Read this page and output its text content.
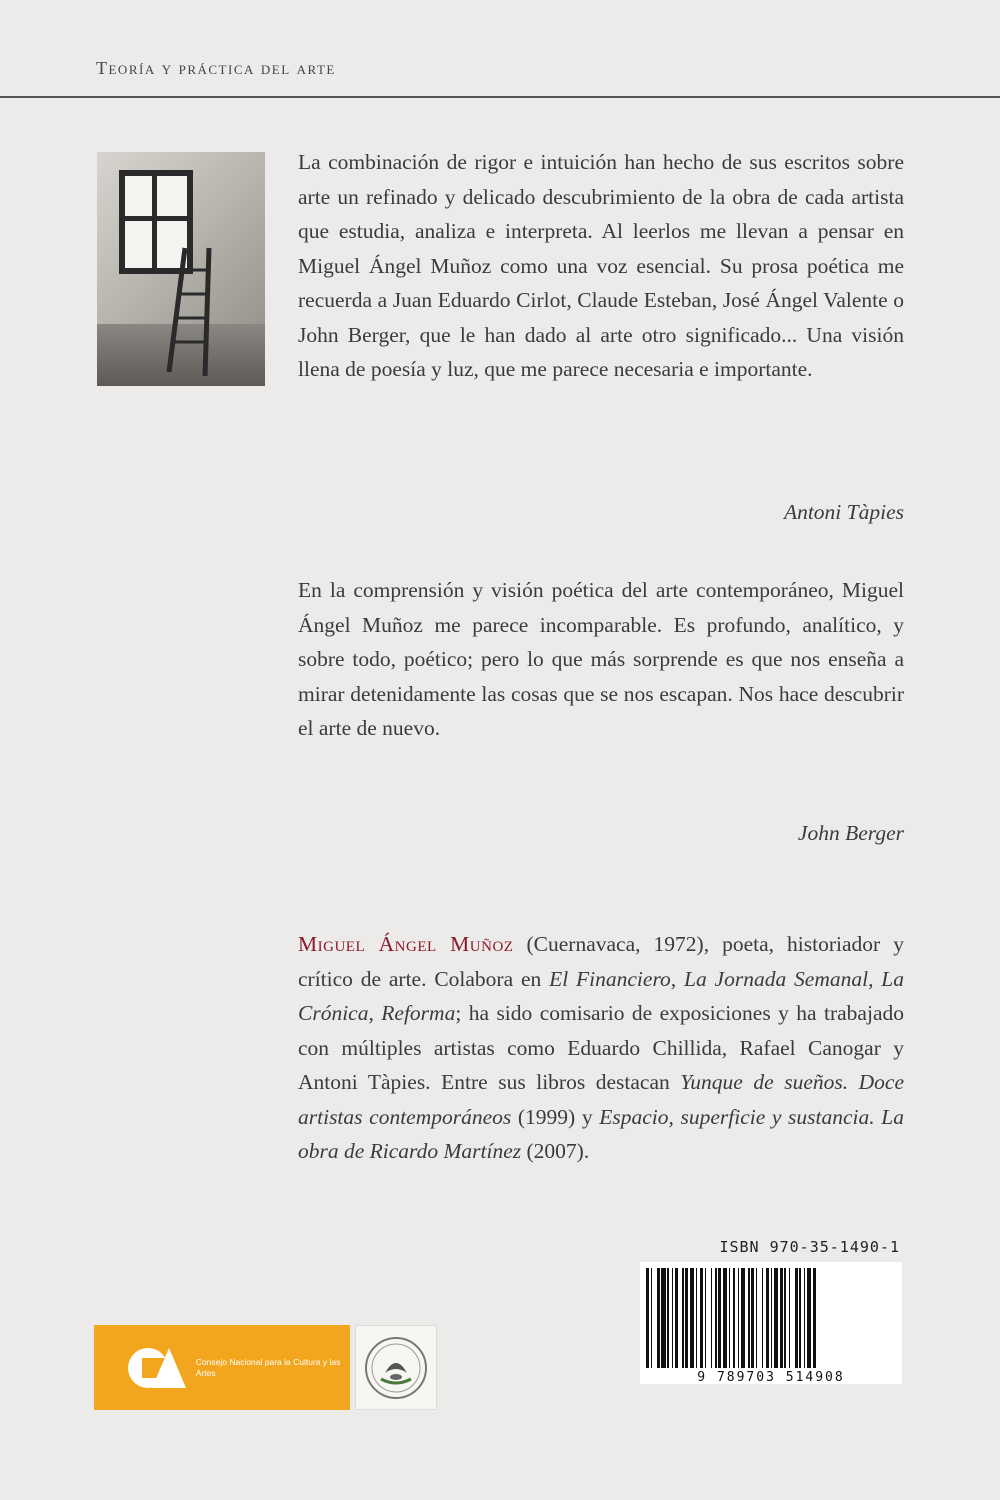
Teoría y práctica del arte
La combinación de rigor e intuición han hecho de sus escritos sobre arte un refinado y delicado descubrimiento de la obra de cada artista que estudia, analiza e interpreta. Al leerlos me llevan a pensar en Miguel Ángel Muñoz como una voz esencial. Su prosa poética me recuerda a Juan Eduardo Cirlot, Claude Esteban, José Ángel Valente o John Berger, que le han dado al arte otro significado... Una visión llena de poesía y luz, que me parece necesaria e importante.
Antoni Tàpies
En la comprensión y visión poética del arte contemporáneo, Miguel Ángel Muñoz me parece incomparable. Es profundo, analítico, y sobre todo, poético; pero lo que más sorprende es que nos enseña a mirar detenidamente las cosas que se nos escapan. Nos hace descubrir el arte de nuevo.
John Berger
Miguel Ángel Muñoz (Cuernavaca, 1972), poeta, historiador y crítico de arte. Colabora en El Financiero, La Jornada Semanal, La Crónica, Reforma; ha sido comisario de exposiciones y ha trabajado con múltiples artistas como Eduardo Chillida, Rafael Canogar y Antoni Tàpies. Entre sus libros destacan Yunque de sueños. Doce artistas contemporáneos (1999) y Espacio, superficie y sustancia. La obra de Ricardo Martínez (2007).
ISBN 970-35-1490-1
9 789703 514908
Consejo Nacional para la Cultura y las Artes
